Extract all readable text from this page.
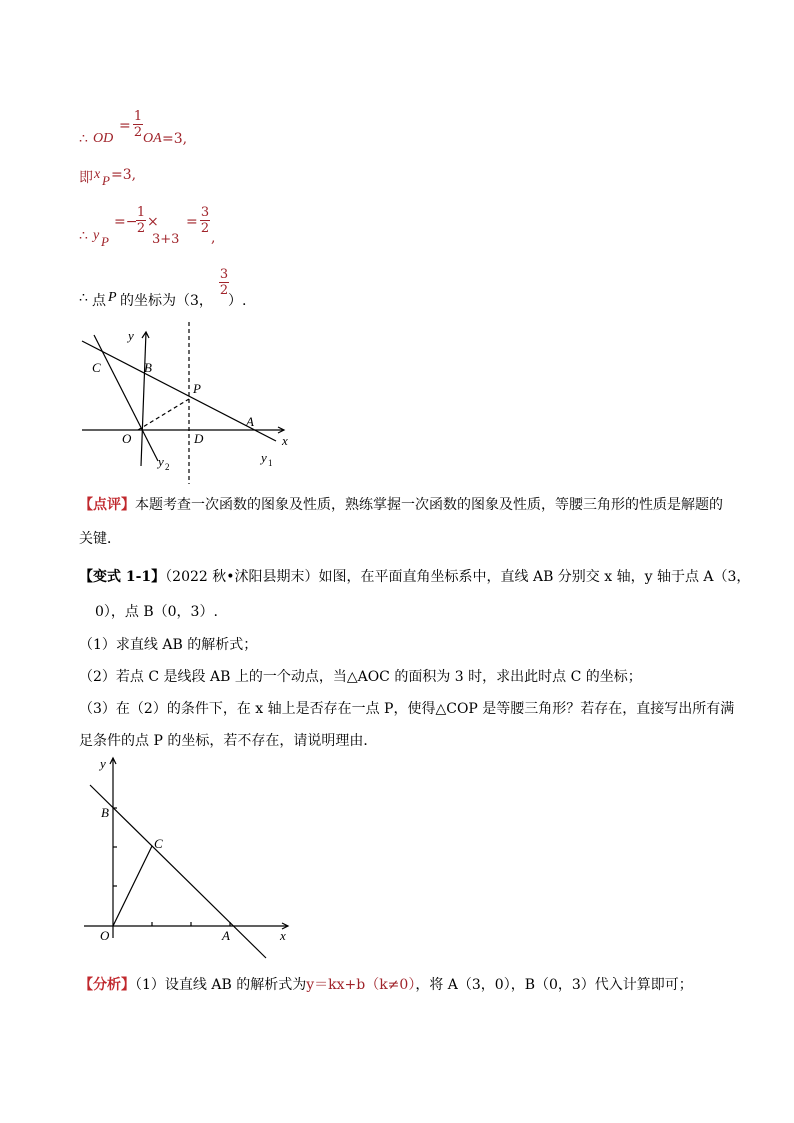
∴ OD
=
1
2 OA =3,
即 x P =3,
∴ y P
=−
1
2 ×
3+3
=
3
2
,
∴ 点 P 的坐标为（3，
3
2
）.
y
x
C	B
P
A
O	D
y 2
y 1
【点评】本题考查一次函数的图象及性质，熟练掌握一次函数的图象及性质，等腰三角形的性质是解题的
关键．
【变式 1-1】（2022 秋•沭阳县期末）如图，在平面直角坐标系中，直线 AB 分别交 x 轴，y 轴于点 A（3，
0），点 B（0，3）.
（1）求直线 AB 的解析式；
（2）若点 C 是线段 AB 上的一个动点，当△AOC 的面积为 3 时，求出此时点 C 的坐标；
（3）在（2）的条件下，在 x 轴上是否存在一点 P，使得△COP 是等腰三角形？若存在，直接写出所有满
足条件的点 P 的坐标，若不存在，请说明理由．
y
x
B
C
O	A
【分析】（1）设直线 AB 的解析式为y＝kx+b（k≠0），将 A（3，0），B（0，3）代入计算即可；
